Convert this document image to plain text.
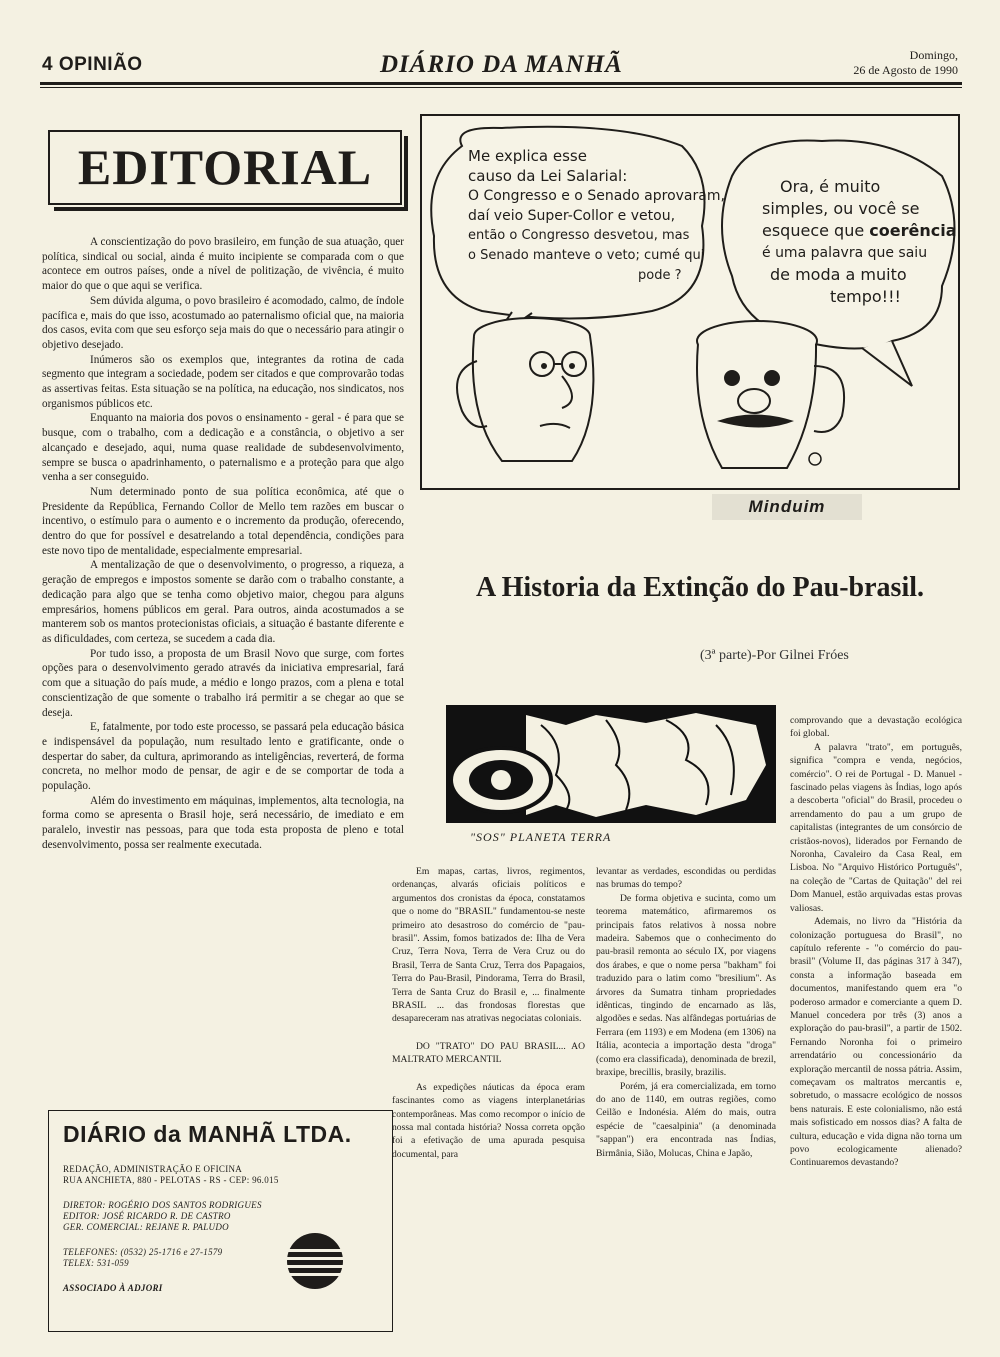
4 OPINIÃO	DIÁRIO DA MANHÃ	Domingo,
26 de Agosto de 1990
EDITORIAL

A conscientização do povo brasileiro, em função de sua atuação, quer política, sindical ou social, ainda é muito incipiente se comparada com o que acontece em outros países, onde a nível de politização, de vivência, é muito maior do que o que aqui se verifica.

Sem dúvida alguma, o povo brasileiro é acomodado, calmo, de índole pacífica e, mais do que isso, acostumado ao paternalismo oficial que, na maioria dos casos, evita com que seu esforço seja mais do que o necessário para atingir o objetivo desejado.

Inúmeros são os exemplos que, integrantes da rotina de cada segmento que integram a sociedade, podem ser citados e que comprovarão todas as assertivas feitas. Esta situação se na política, na educação, nos sindicatos, nos organismos públicos etc.

Enquanto na maioria dos povos o ensinamento - geral - é para que se busque, com o trabalho, com a dedicação e a constância, o objetivo a ser alcançado e desejado, aqui, numa quase realidade de subdesenvolvimento, sempre se busca o apadrinhamento, o paternalismo e a proteção para que algo venha a ser conseguido.

Num determinado ponto de sua política econômica, até que o Presidente da República, Fernando Collor de Mello tem razões em buscar o incentivo, o estímulo para o aumento e o incremento da produção, oferecendo, dentro do que for possível e desatrelando a total dependência, condições para este novo tipo de mentalidade, especialmente empresarial.

A mentalização de que o desenvolvimento, o progresso, a riqueza, a geração de empregos e impostos somente se darão com o trabalho constante, a dedicação para algo que se tenha como objetivo maior, chegou para alguns empresários, homens públicos em geral. Para outros, ainda acostumados a se manterem sob os mantos protecionistas oficiais, a situação é bastante diferente e as dificuldades, com certeza, se sucedem a cada dia.

Por tudo isso, a proposta de um Brasil Novo que surge, com fortes opções para o desenvolvimento gerado através da iniciativa empresarial, fará com que a situação do país mude, a médio e longo prazos, com a plena e total conscientização de que somente o trabalho irá permitir a se chegar ao que se deseja.

E, fatalmente, por todo este processo, se passará pela educação básica e indispensável da população, num resultado lento e gratificante, onde o despertar do saber, da cultura, aprimorando as inteligências, reverterá, de forma concreta, no melhor modo de pensar, de agir e de se comportar de toda a população.

Além do investimento em máquinas, implementos, alta tecnologia, na forma como se apresenta o Brasil hoje, será necessário, de imediato e em paralelo, investir nas pessoas, para que toda esta proposta de pleno e total desenvolvimento, possa ser realmente executada.

Me explica esse
causo da Lei Salarial:
O Congresso e o Senado aprovaram,
daí veio Super-Collor e vetou,
então o Congresso desvetou, mas
o Senado manteve o veto; cumé qui
pode ?
Ora, é muito
simples, ou você se
esquece que coerência
é uma palavra que saiu
de moda a muito
tempo!!!
Minduim
A Historia da Extinção do Pau-brasil.
(3ª parte)-Por Gilnei Fróes
"SOS" PLANETA TERRA

Em mapas, cartas, livros, regimentos, ordenanças, alvarás oficiais políticos e argumentos dos cronistas da época, constatamos que o nome do "BRASIL" fundamentou-se neste primeiro ato desastroso do comércio de "pau-brasil". Assim, fomos batizados de: Ilha de Vera Cruz, Terra Nova, Terra de Vera Cruz ou do Brasil, Terra de Santa Cruz, Terra dos Papagaios, Terra do Pau-Brasil, Pindorama, Terra do Brasil, Terra de Santa Cruz do Brasil e, ... finalmente BRASIL ... das frondosas florestas que desapareceram nas atrativas negociatas coloniais.

DO "TRATO" DO PAU BRASIL... AO MALTRATO MERCANTIL

As expedições náuticas da época eram fascinantes como as viagens interplanetárias contemporâneas. Mas como recompor o início de nossa mal contada história? Nossa correta opção foi a efetivação de uma apurada pesquisa documental, para

levantar as verdades, escondidas ou perdidas nas brumas do tempo?

De forma objetiva e sucinta, como um teorema matemático, afirmaremos os principais fatos relativos à nossa nobre madeira. Sabemos que o conhecimento do pau-brasil remonta ao século IX, por viagens dos árabes, e que o nome persa "bakham" foi traduzido para o latim como "bresilium". As árvores da Sumatra tinham propriedades idênticas, tingindo de encarnado as lãs, algodões e sedas. Nas alfândegas portuárias de Ferrara (em 1193) e em Modena (em 1306) na Itália, acontecia a importação desta "droga" (como era classificada), denominada de brezil, braxiре, brecillis, brasily, brazilis.

Porém, já era comercializada, em torno do ano de 1140, em outras regiões, como Ceilão e Indonésia. Além do mais, outra espécie de "caesalpinia" (a denominada "sappan") era encontrada nas Índias, Birmânia, Sião, Molucas, China e Japão,

comprovando que a devastação ecológica foi global.

A palavra "trato", em português, significa "compra e venda, negócios, comércio". O rei de Portugal - D. Manuel - fascinado pelas viagens às Índias, logo após a descoberta "oficial" do Brasil, procedeu o arrendamento do pau a um grupo de capitalistas (integrantes de um consórcio de cristãos-novos), liderados por Fernando de Noronha, Cavaleiro da Casa Real, em Lisboa. No "Arquivo Histórico Português", na coleção de "Cartas de Quitação" del rei Dom Manuel, estão arquivadas estas provas valiosas.

Ademais, no livro da "História da colonização portuguesa do Brasil", no capítulo referente - "o comércio do pau-brasil" (Volume II, das páginas 317 à 347), consta a informação baseada em documentos, manifestando quem era "o poderoso armador e comerciante a quem D. Manuel concedera por três (3) anos a exploração do pau-brasil", a partir de 1502. Fernando Noronha foi o primeiro arrendatário ou concessionário da exploração mercantil de nossa pátria. Assim, começavam os maltratos mercantis e, sobretudo, o massacre ecológico de nossos bens naturais. E este colonialismo, não está mais sofisticado em nossos dias? A falta de cultura, educação e vida digna não torna um povo ecologicamente alienado? Continuaremos devastando?

DIÁRIO da MANHÃ LTDA.
REDAÇÃO, ADMINISTRAÇÃO E OFICINA
RUA ANCHIETA, 880 - PELOTAS - RS - CEP: 96.015
DIRETOR: ROGÉRIO DOS SANTOS RODRIGUES
EDITOR: JOSÉ RICARDO R. DE CASTRO
GER. COMERCIAL: REJANE R. PALUDO
TELEFONES: (0532) 25-1716 e 27-1579
TELEX: 531-059
ASSOCIADO À ADJORI
